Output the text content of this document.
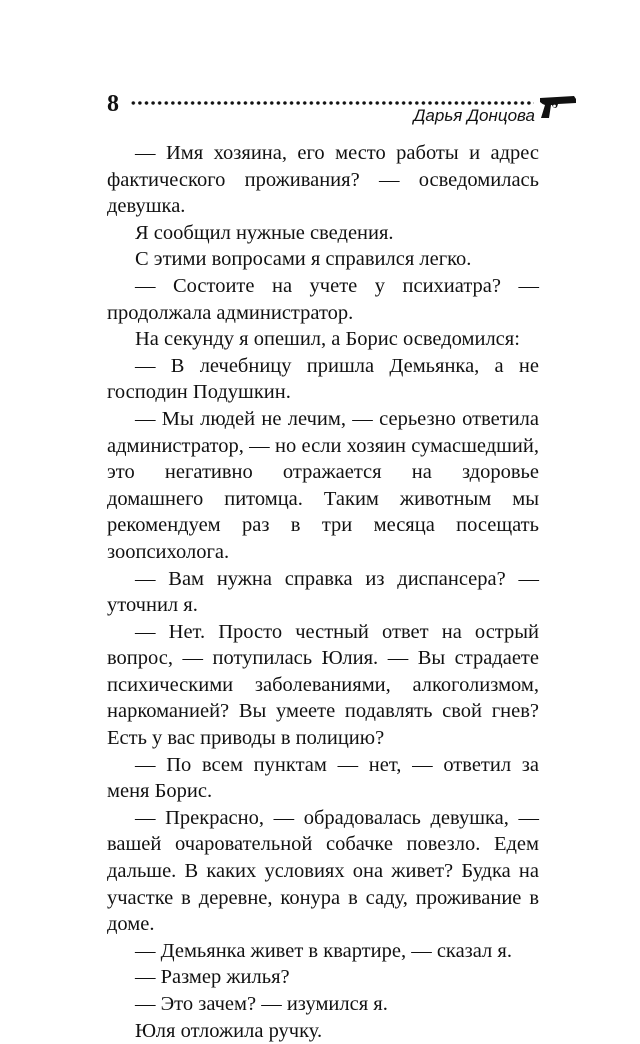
8	Дарья Донцова

— Имя хозяина, его место работы и адрес фактического проживания? — осведомилась девушка.

Я сообщил нужные сведения.

С этими вопросами я справился легко.

— Состоите на учете у психиатра? — продолжала администратор.

На секунду я опешил, а Борис осведомился:

— В лечебницу пришла Демьянка, а не господин Подушкин.

— Мы людей не лечим, — серьезно ответила администратор, — но если хозяин сумасшедший, это негативно отражается на здоровье домашнего питомца. Таким животным мы рекомендуем раз в три месяца посещать зоопсихолога.

— Вам нужна справка из диспансера? — уточнил я.

— Нет. Просто честный ответ на острый вопрос, — потупилась Юлия. — Вы страдаете психическими заболеваниями, алкоголизмом, наркоманией? Вы умеете подавлять свой гнев? Есть у вас приводы в полицию?

— По всем пунктам — нет, — ответил за меня Борис.

— Прекрасно, — обрадовалась девушка, — вашей очаровательной собачке повезло. Едем дальше. В каких условиях она живет? Будка на участке в деревне, конура в саду, проживание в доме.

— Демьянка живет в квартире, — сказал я.

— Размер жилья?

— Это зачем? — изумился я.

Юля отложила ручку.
